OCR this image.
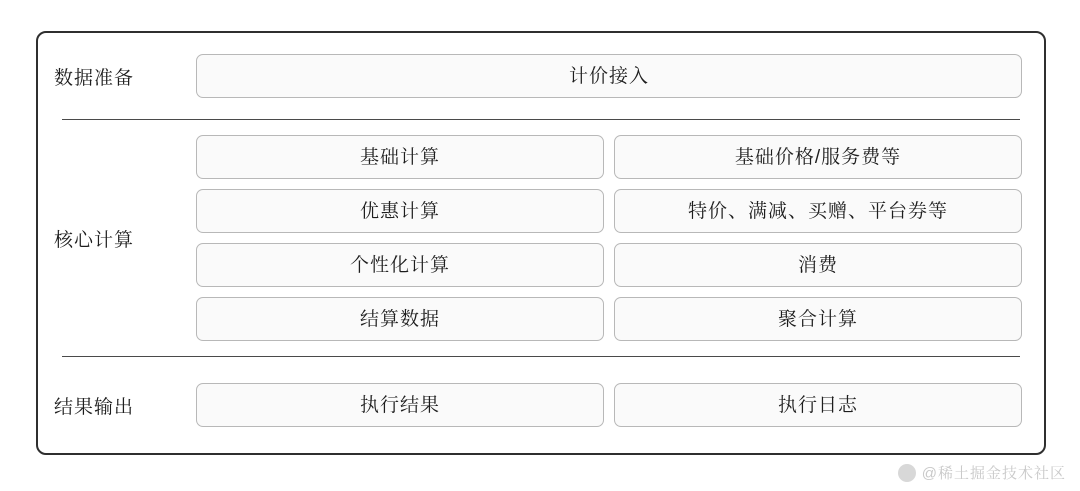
数据准备	计价接入
核心计算
基础计算	基础价格/服务费等
优惠计算	特价、满减、买赠、平台券等
个性化计算	消费
结算数据	聚合计算
结果输出	执行结果	执行日志
@稀土掘金技术社区
